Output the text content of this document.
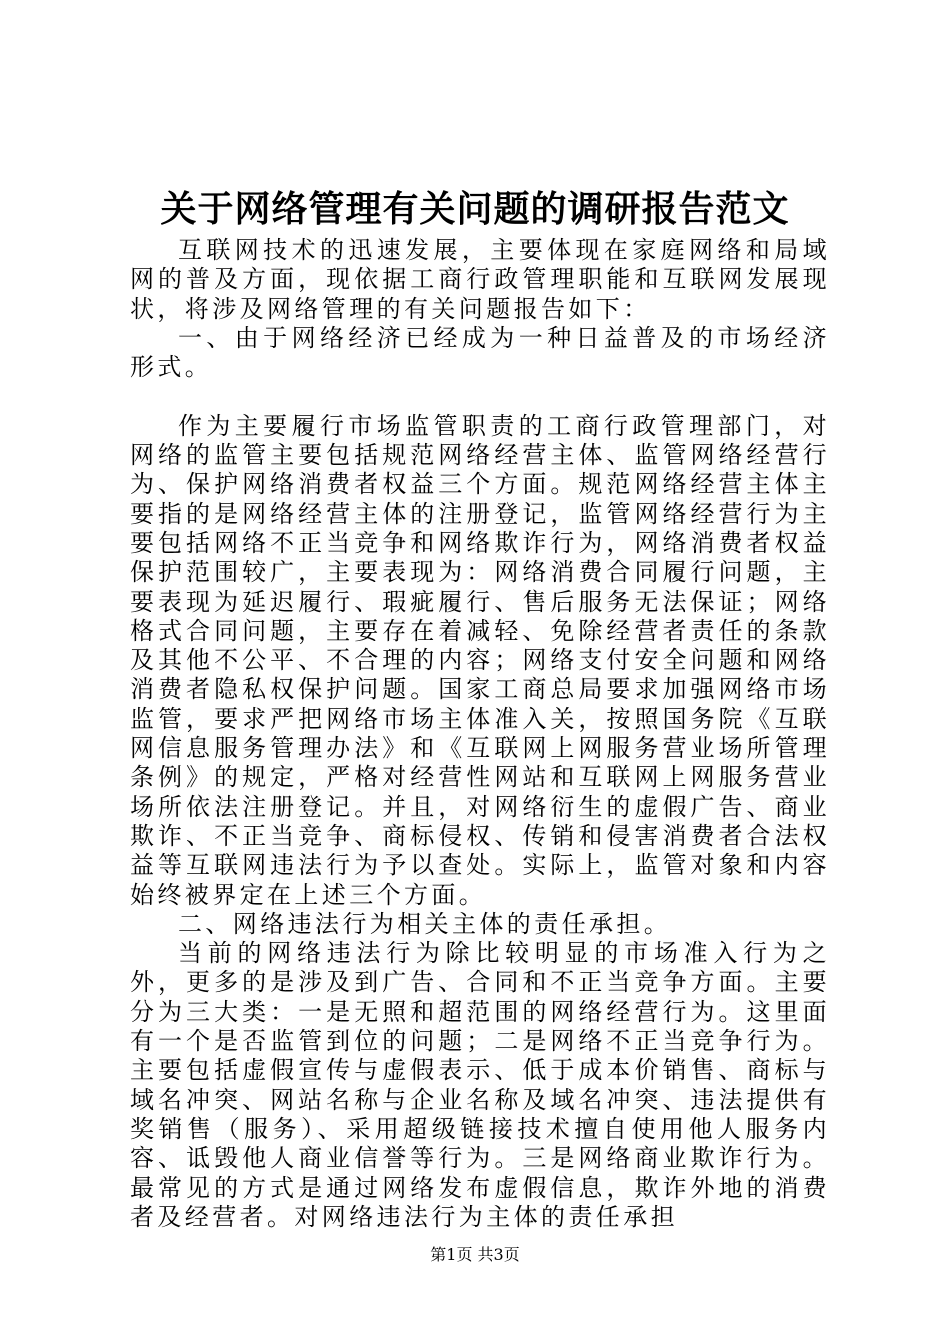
关于网络管理有关问题的调研报告范文

互联网技术的迅速发展，主要体现在家庭网络和局域网的普及方面，现依据工商行政管理职能和互联网发展现状，将涉及网络管理的有关问题报告如下：

一、由于网络经济已经成为一种日益普及的市场经济形式。

作为主要履行市场监管职责的工商行政管理部门，对网络的监管主要包括规范网络经营主体、监管网络经营行为、保护网络消费者权益三个方面。规范网络经营主体主要指的是网络经营主体的注册登记，监管网络经营行为主要包括网络不正当竞争和网络欺诈行为，网络消费者权益保护范围较广，主要表现为：网络消费合同履行问题，主要表现为延迟履行、瑕疵履行、售后服务无法保证；网络格式合同问题，主要存在着减轻、免除经营者责任的条款及其他不公平、不合理的内容；网络支付安全问题和网络消费者隐私权保护问题。国家工商总局要求加强网络市场监管，要求严把网络市场主体准入关，按照国务院《互联网信息服务管理办法》和《互联网上网服务营业场所管理条例》的规定，严格对经营性网站和互联网上网服务营业场所依法注册登记。并且，对网络衍生的虚假广告、商业欺诈、不正当竞争、商标侵权、传销和侵害消费者合法权益等互联网违法行为予以查处。实际上，监管对象和内容始终被界定在上述三个方面。

二、网络违法行为相关主体的责任承担。

当前的网络违法行为除比较明显的市场准入行为之外，更多的是涉及到广告、合同和不正当竞争方面。主要分为三大类：一是无照和超范围的网络经营行为。这里面有一个是否监管到位的问题；二是网络不正当竞争行为。主要包括虚假宣传与虚假表示、低于成本价销售、商标与域名冲突、网站名称与企业名称及域名冲突、违法提供有奖销售（服务）、采用超级链接技术擅自使用他人服务内容、诋毁他人商业信誉等行为。三是网络商业欺诈行为。最常见的方式是通过网络发布虚假信息，欺诈外地的消费者及经营者。对网络违法行为主体的责任承担

第1页 共3页
